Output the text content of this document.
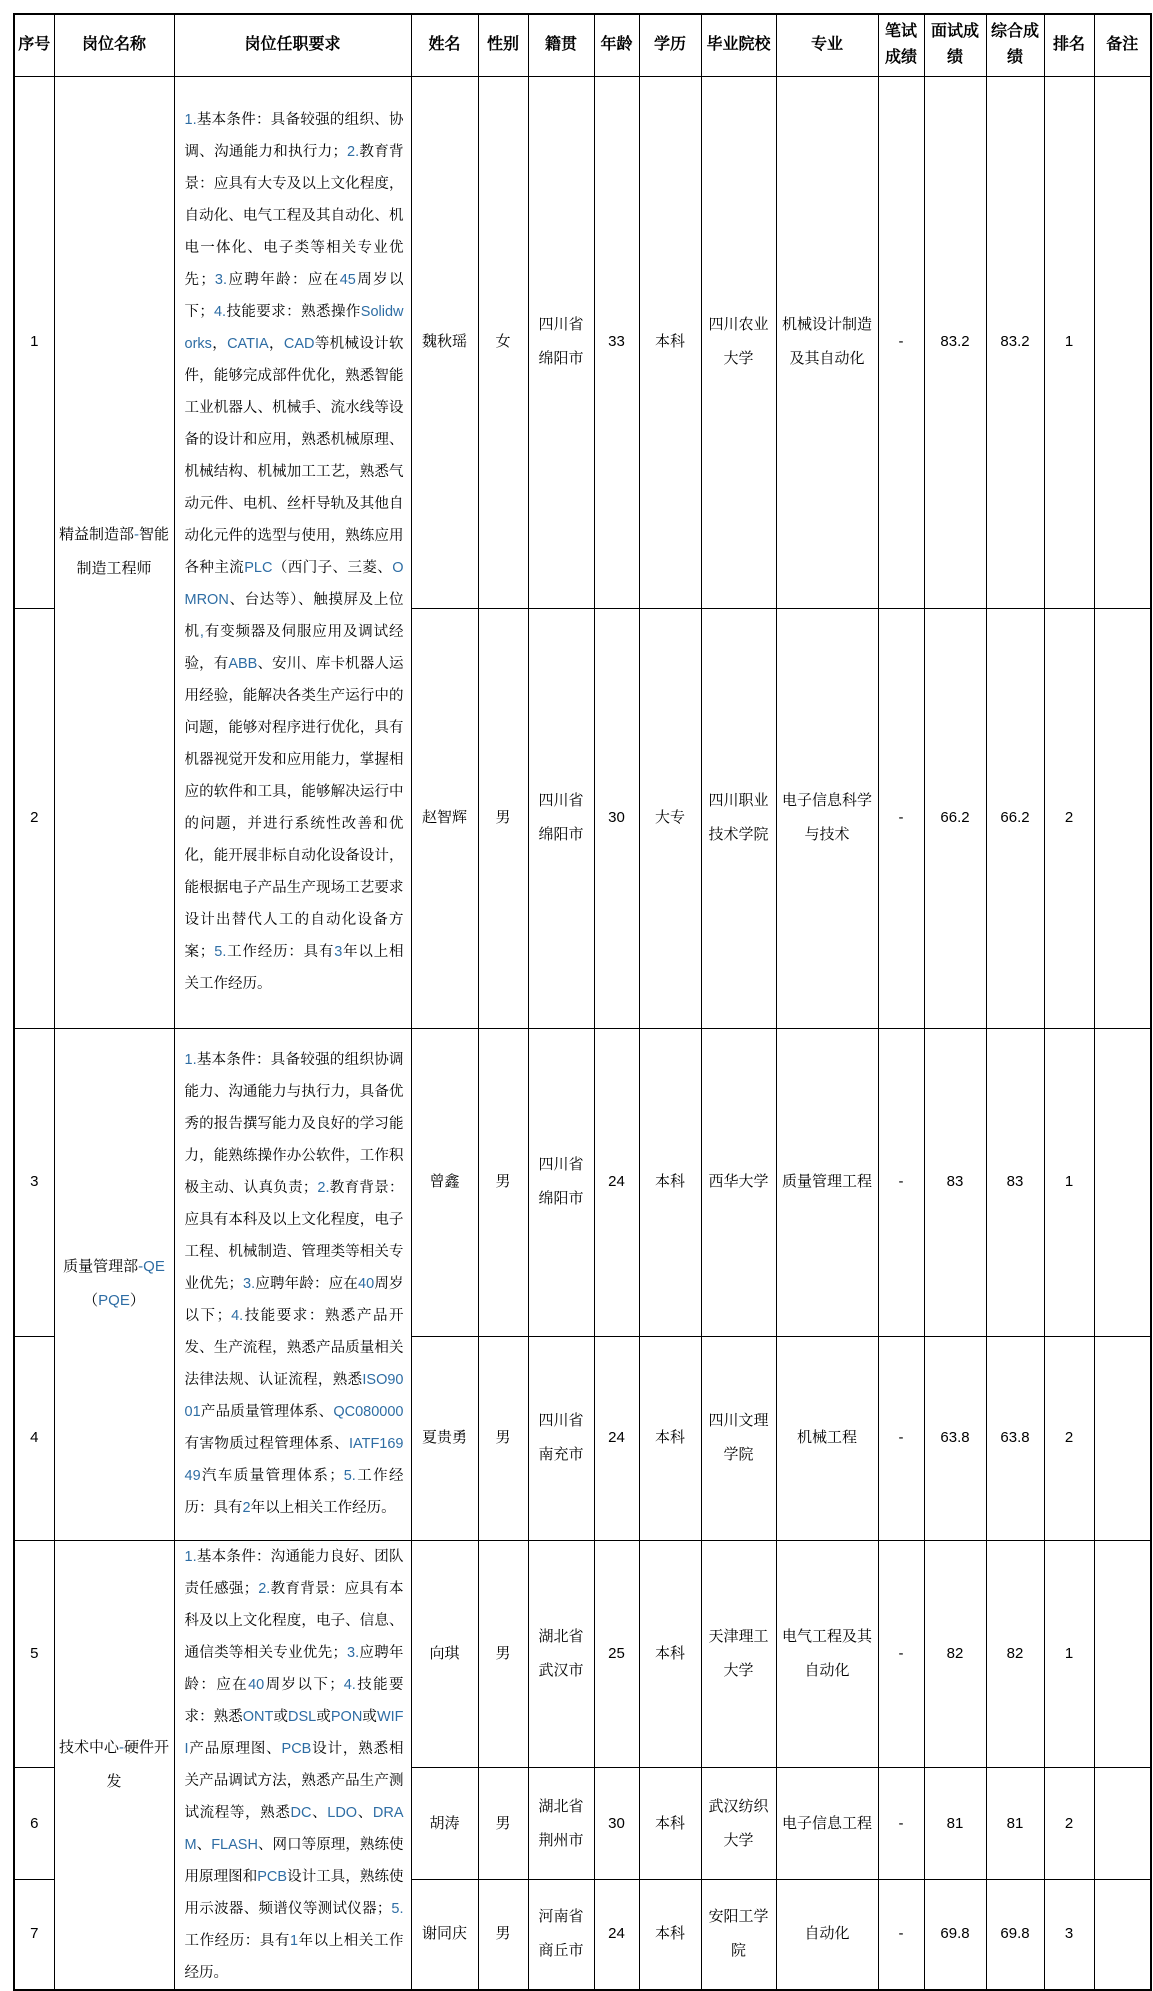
序号	岗位名称	岗位任职要求	姓名	性别	籍贯	年龄	学历	毕业院校	专业	笔试成绩	面试成绩	综合成绩	排名	备注
1	精益制造部-智能制造工程师	1.基本条件：具备较强的组织、协调、沟通能力和执行力；2.教育背景：应具有大专及以上文化程度，自动化、电气工程及其自动化、机电一体化、电子类等相关专业优先；3.应聘年龄：应在45周岁以下；4.技能要求：熟悉操作Solidworks，CATIA，CAD等机械设计软件，能够完成部件优化，熟悉智能工业机器人、机械手、流水线等设备的设计和应用，熟悉机械原理、机械结构、机械加工工艺，熟悉气动元件、电机、丝杆导轨及其他自动化元件的选型与使用，熟练应用各种主流PLC（西门子、三菱、OMRON、台达等）、触摸屏及上位机,有变频器及伺服应用及调试经验，有ABB、安川、库卡机器人运用经验，能解决各类生产运行中的问题，能够对程序进行优化，具有机器视觉开发和应用能力，掌握相应的软件和工具，能够解决运行中的问题，并进行系统性改善和优化，能开展非标自动化设备设计，能根据电子产品生产现场工艺要求设计出替代人工的自动化设备方案；5.工作经历：具有3年以上相关工作经历。	魏秋瑶	女	四川省绵阳市	33	本科	四川农业大学	机械设计制造及其自动化	-	83.2	83.2	1	
2			赵智辉	男	四川省绵阳市	30	大专	四川职业技术学院	电子信息科学与技术	-	66.2	66.2	2	
3	质量管理部-QE（PQE）	1.基本条件：具备较强的组织协调能力、沟通能力与执行力，具备优秀的报告撰写能力及良好的学习能力，能熟练操作办公软件，工作积极主动、认真负责；2.教育背景：应具有本科及以上文化程度，电子工程、机械制造、管理类等相关专业优先；3.应聘年龄：应在40周岁以下；4.技能要求：熟悉产品开发、生产流程，熟悉产品质量相关法律法规、认证流程，熟悉ISO9001产品质量管理体系、QC080000有害物质过程管理体系、IATF16949汽车质量管理体系；5.工作经历：具有2年以上相关工作经历。	曾鑫	男	四川省绵阳市	24	本科	西华大学	质量管理工程	-	83	83	1	
4			夏贵勇	男	四川省南充市	24	本科	四川文理学院	机械工程	-	63.8	63.8	2	
5	技术中心-硬件开发	1.基本条件：沟通能力良好、团队责任感强；2.教育背景：应具有本科及以上文化程度，电子、信息、通信类等相关专业优先；3.应聘年龄：应在40周岁以下；4.技能要求：熟悉ONT或DSL或PON或WIFI产品原理图、PCB设计，熟悉相关产品调试方法，熟悉产品生产测试流程等，熟悉DC、LDO、DRAM、FLASH、网口等原理，熟练使用原理图和PCB设计工具，熟练使用示波器、频谱仪等测试仪器；5.工作经历：具有1年以上相关工作经历。	向琪	男	湖北省武汉市	25	本科	天津理工大学	电气工程及其自动化	-	82	82	1	
6			胡涛	男	湖北省荆州市	30	本科	武汉纺织大学	电子信息工程	-	81	81	2	
7			谢同庆	男	河南省商丘市	24	本科	安阳工学院	自动化	-	69.8	69.8	3	
